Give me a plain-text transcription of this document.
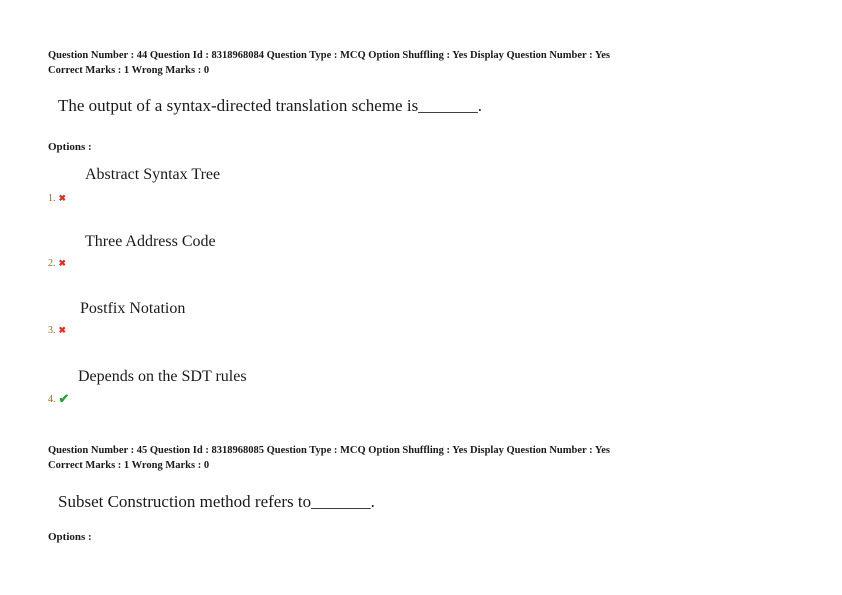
Question Number : 44 Question Id : 8318968084 Question Type : MCQ Option Shuffling : Yes Display Question Number : Yes
Correct Marks : 1 Wrong Marks : 0
The output of a syntax-directed translation scheme is_______.
Options :
Abstract Syntax Tree
1. ✖
Three Address Code
2. ✖
Postfix Notation
3. ✖
Depends on the SDT rules
4. ✔
Question Number : 45 Question Id : 8318968085 Question Type : MCQ Option Shuffling : Yes Display Question Number : Yes
Correct Marks : 1 Wrong Marks : 0
Subset Construction method refers to_______.
Options :
